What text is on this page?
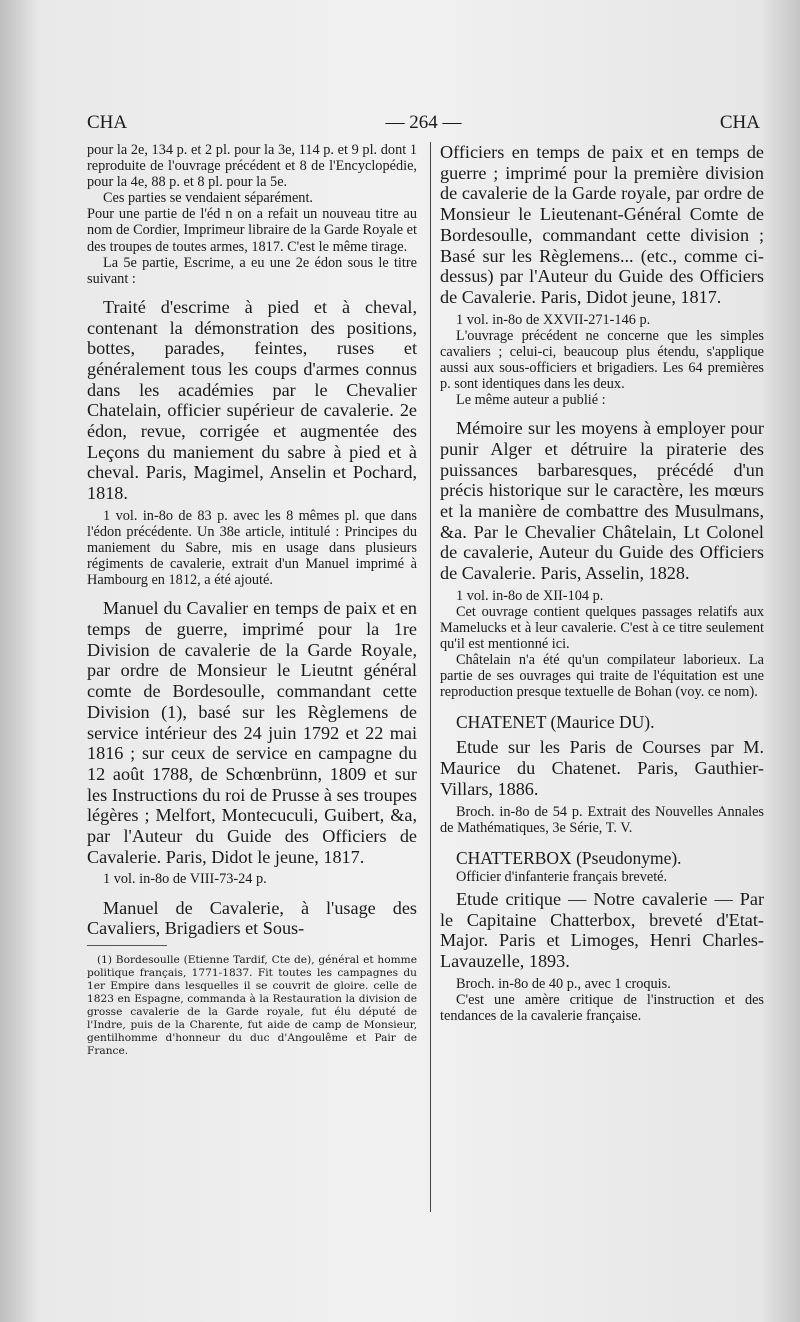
CHA	— 264 —	CHA

pour la 2e, 134 p. et 2 pl. pour la 3e, 114 p. et 9 pl. dont 1 reproduite de l'ouvrage précédent et 8 de l'Encyclopédie, pour la 4e, 88 p. et 8 pl. pour la 5e.

Ces parties se vendaient séparément.

Pour une partie de l'éd n on a refait un nouveau titre au nom de Cordier, Imprimeur libraire de la Garde Royale et des troupes de toutes armes, 1817. C'est le même tirage.

La 5e partie, Escrime, a eu une 2e édon sous le titre suivant :

Traité d'escrime à pied et à cheval, contenant la démonstration des positions, bottes, parades, feintes, ruses et généralement tous les coups d'armes connus dans les académies par le Chevalier Chatelain, officier supérieur de cavalerie. 2e édon, revue, corrigée et augmentée des Leçons du maniement du sabre à pied et à cheval. Paris, Magimel, Anselin et Pochard, 1818.

1 vol. in-8o de 83 p. avec les 8 mêmes pl. que dans l'édon précédente. Un 38e article, intitulé : Principes du maniement du Sabre, mis en usage dans plusieurs régiments de cavalerie, extrait d'un Manuel imprimé à Hambourg en 1812, a été ajouté.

Manuel du Cavalier en temps de paix et en temps de guerre, imprimé pour la 1re Division de cavalerie de la Garde Royale, par ordre de Monsieur le Lieutnt général comte de Bordesoulle, commandant cette Division (1), basé sur les Règlemens de service intérieur des 24 juin 1792 et 22 mai 1816 ; sur ceux de service en campagne du 12 août 1788, de Schœnbrünn, 1809 et sur les Instructions du roi de Prusse à ses troupes légères ; Melfort, Montecuculi, Guibert, &a, par l'Auteur du Guide des Officiers de Cavalerie. Paris, Didot le jeune, 1817.

1 vol. in-8o de VIII-73-24 p.

Manuel de Cavalerie, à l'usage des Cavaliers, Brigadiers et Sous-

(1) Bordesoulle (Etienne Tardif, Cte de), général et homme politique français, 1771-1837. Fit toutes les campagnes du 1er Empire dans lesquelles il se couvrit de gloire. celle de 1823 en Espagne, commanda à la Restauration la division de grosse cavalerie de la Garde royale, fut élu député de l'Indre, puis de la Charente, fut aide de camp de Monsieur, gentilhomme d'honneur du duc d'Angoulême et Pair de France.

Officiers en temps de paix et en temps de guerre ; imprimé pour la première division de cavalerie de la Garde royale, par ordre de Monsieur le Lieutenant-Général Comte de Bordesoulle, commandant cette division ; Basé sur les Règlemens... (etc., comme ci-dessus) par l'Auteur du Guide des Officiers de Cavalerie. Paris, Didot jeune, 1817.

1 vol. in-8o de XXVII-271-146 p.

L'ouvrage précédent ne concerne que les simples cavaliers ; celui-ci, beaucoup plus étendu, s'applique aussi aux sous-officiers et brigadiers. Les 64 premières p. sont identiques dans les deux.

Le même auteur a publié :

Mémoire sur les moyens à employer pour punir Alger et détruire la piraterie des puissances barbaresques, précédé d'un précis historique sur le caractère, les mœurs et la manière de combattre des Musulmans, &a. Par le Chevalier Châtelain, Lt Colonel de cavalerie, Auteur du Guide des Officiers de Cavalerie. Paris, Asselin, 1828.

1 vol. in-8o de XII-104 p.

Cet ouvrage contient quelques passages relatifs aux Mamelucks et à leur cavalerie. C'est à ce titre seulement qu'il est mentionné ici.

Châtelain n'a été qu'un compilateur laborieux. La partie de ses ouvrages qui traite de l'équitation est une reproduction presque textuelle de Bohan (voy. ce nom).

CHATENET (Maurice DU).

Etude sur les Paris de Courses par M. Maurice du Chatenet. Paris, Gauthier-Villars, 1886.

Broch. in-8o de 54 p. Extrait des Nouvelles Annales de Mathématiques, 3e Série, T. V.

CHATTERBOX (Pseudonyme).

Officier d'infanterie français breveté.

Etude critique — Notre cavalerie — Par le Capitaine Chatterbox, breveté d'Etat-Major. Paris et Limoges, Henri Charles-Lavauzelle, 1893.

Broch. in-8o de 40 p., avec 1 croquis.

C'est une amère critique de l'instruction et des tendances de la cavalerie française.
